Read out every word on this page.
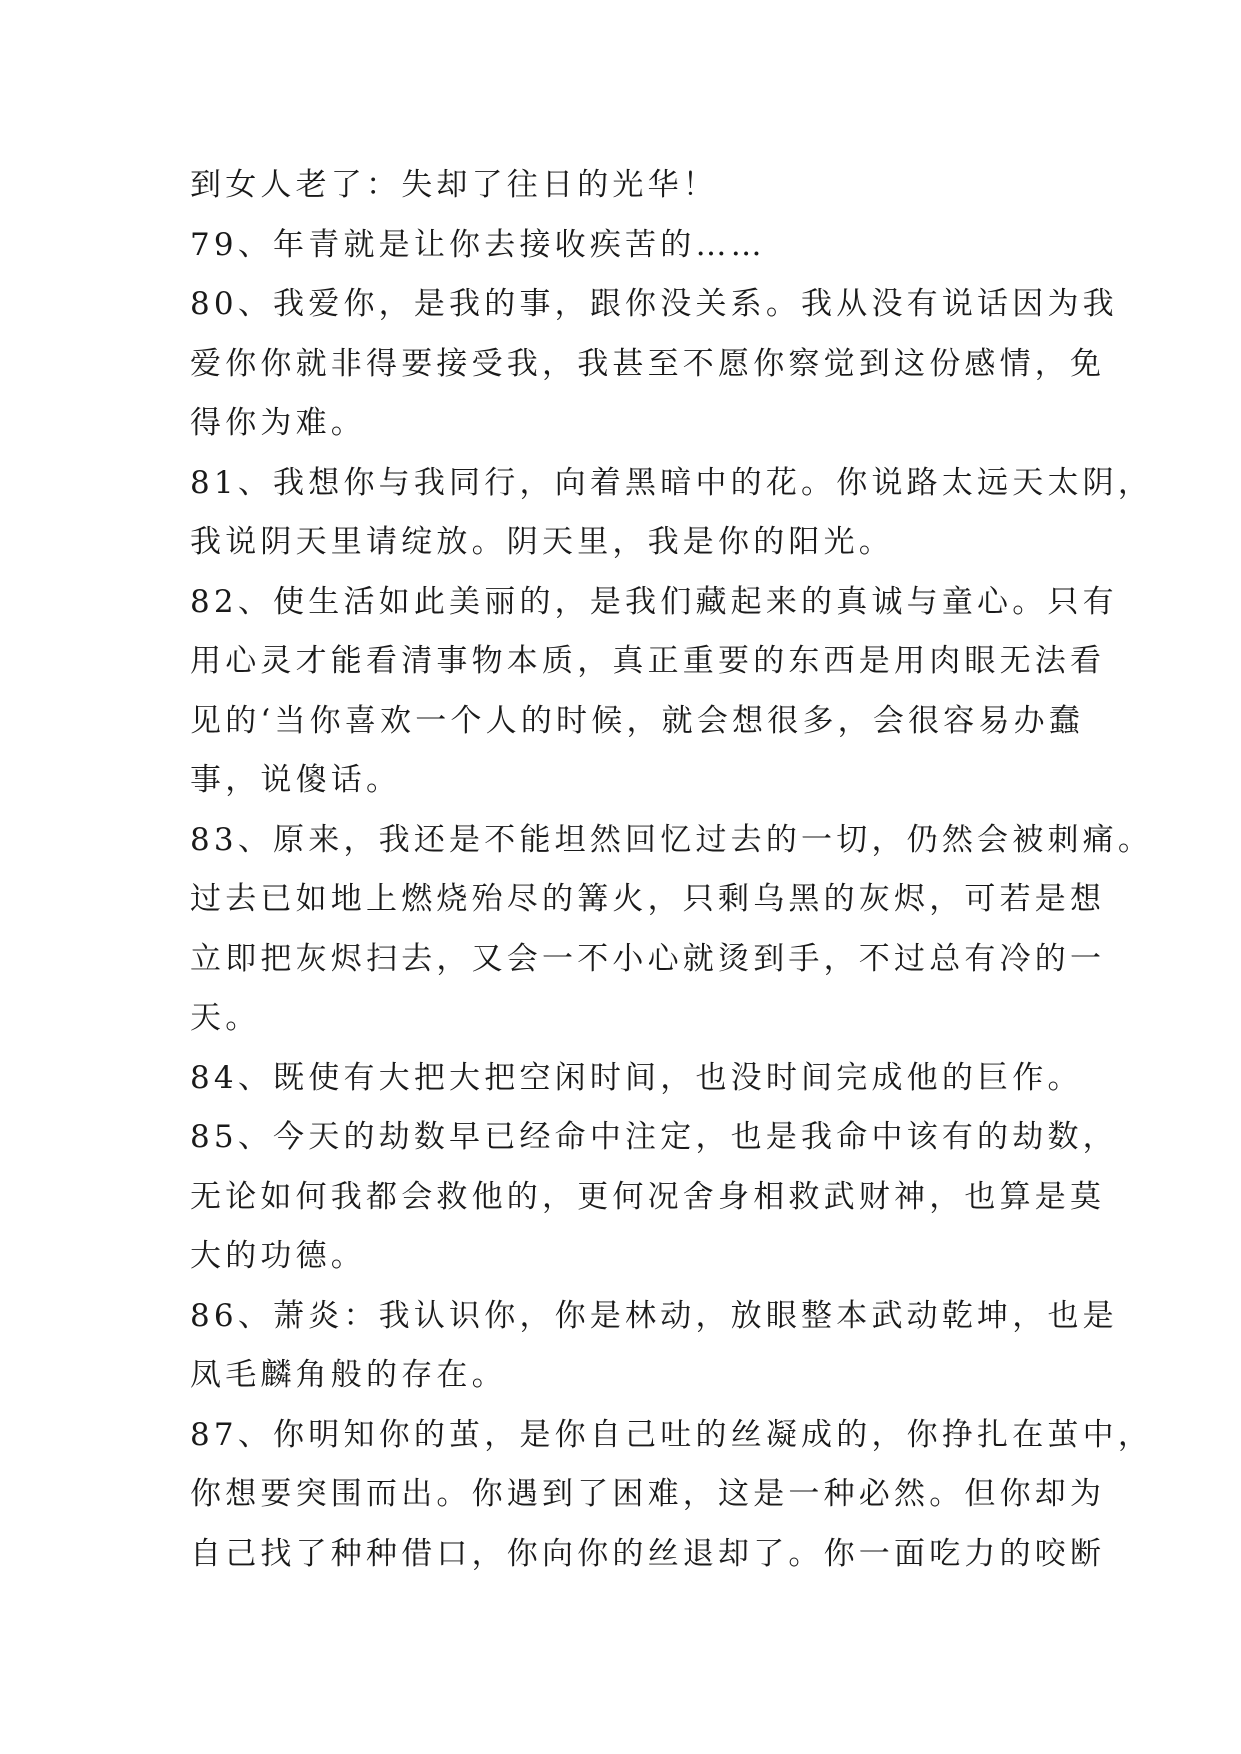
到女人老了：失却了往日的光华！
79、年青就是让你去接收疾苦的……
80、我爱你，是我的事，跟你没关系。我从没有说话因为我
爱你你就非得要接受我，我甚至不愿你察觉到这份感情，免
得你为难。
81、我想你与我同行，向着黑暗中的花。你说路太远天太阴，
我说阴天里请绽放。阴天里，我是你的阳光。
82、使生活如此美丽的，是我们藏起来的真诚与童心。只有
用心灵才能看清事物本质，真正重要的东西是用肉眼无法看
见的‘当你喜欢一个人的时候，就会想很多，会很容易办蠢
事，说傻话。
83、原来，我还是不能坦然回忆过去的一切，仍然会被刺痛。
过去已如地上燃烧殆尽的篝火，只剩乌黑的灰烬，可若是想
立即把灰烬扫去，又会一不小心就烫到手，不过总有冷的一
天。
84、既使有大把大把空闲时间，也没时间完成他的巨作。
85、今天的劫数早已经命中注定，也是我命中该有的劫数，
无论如何我都会救他的，更何况舍身相救武财神，也算是莫
大的功德。
86、萧炎：我认识你，你是林动，放眼整本武动乾坤，也是
凤毛麟角般的存在。
87、你明知你的茧，是你自己吐的丝凝成的，你挣扎在茧中，
你想要突围而出。你遇到了困难，这是一种必然。但你却为
自己找了种种借口，你向你的丝退却了。你一面吃力的咬断
